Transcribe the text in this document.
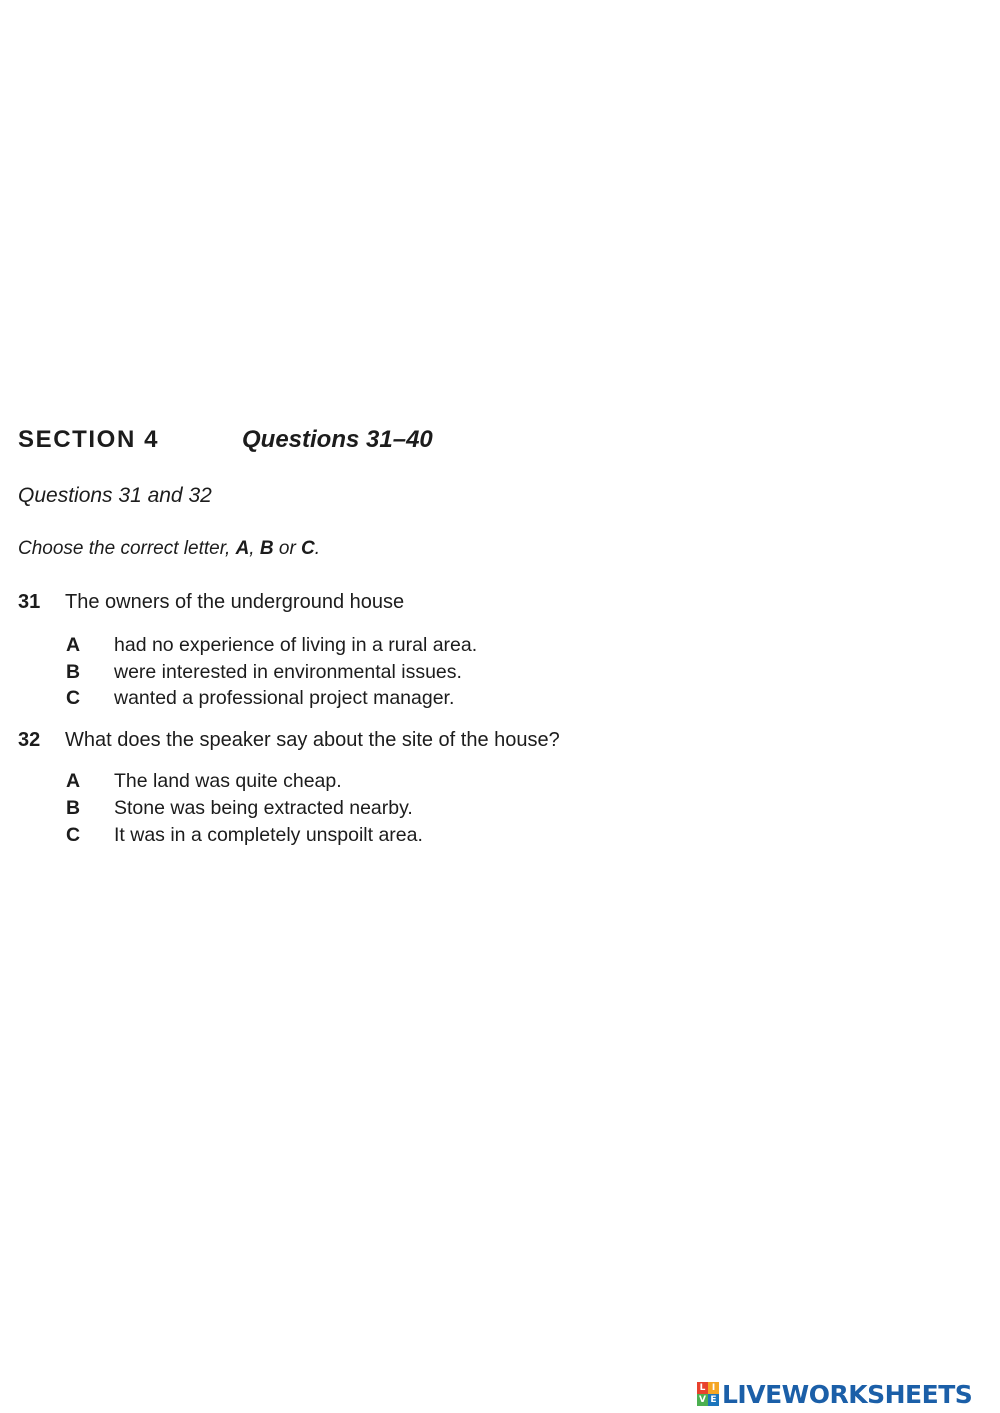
SECTION 4	Questions 31–40
Questions 31 and 32
Choose the correct letter, A, B or C.
31 The owners of the underground house
A had no experience of living in a rural area.
B were interested in environmental issues.
C wanted a professional project manager.
32 What does the speaker say about the site of the house?
A The land was quite cheap.
B Stone was being extracted nearby.
C It was in a completely unspoilt area.
L I
V E LIVEWORKSHEETS
